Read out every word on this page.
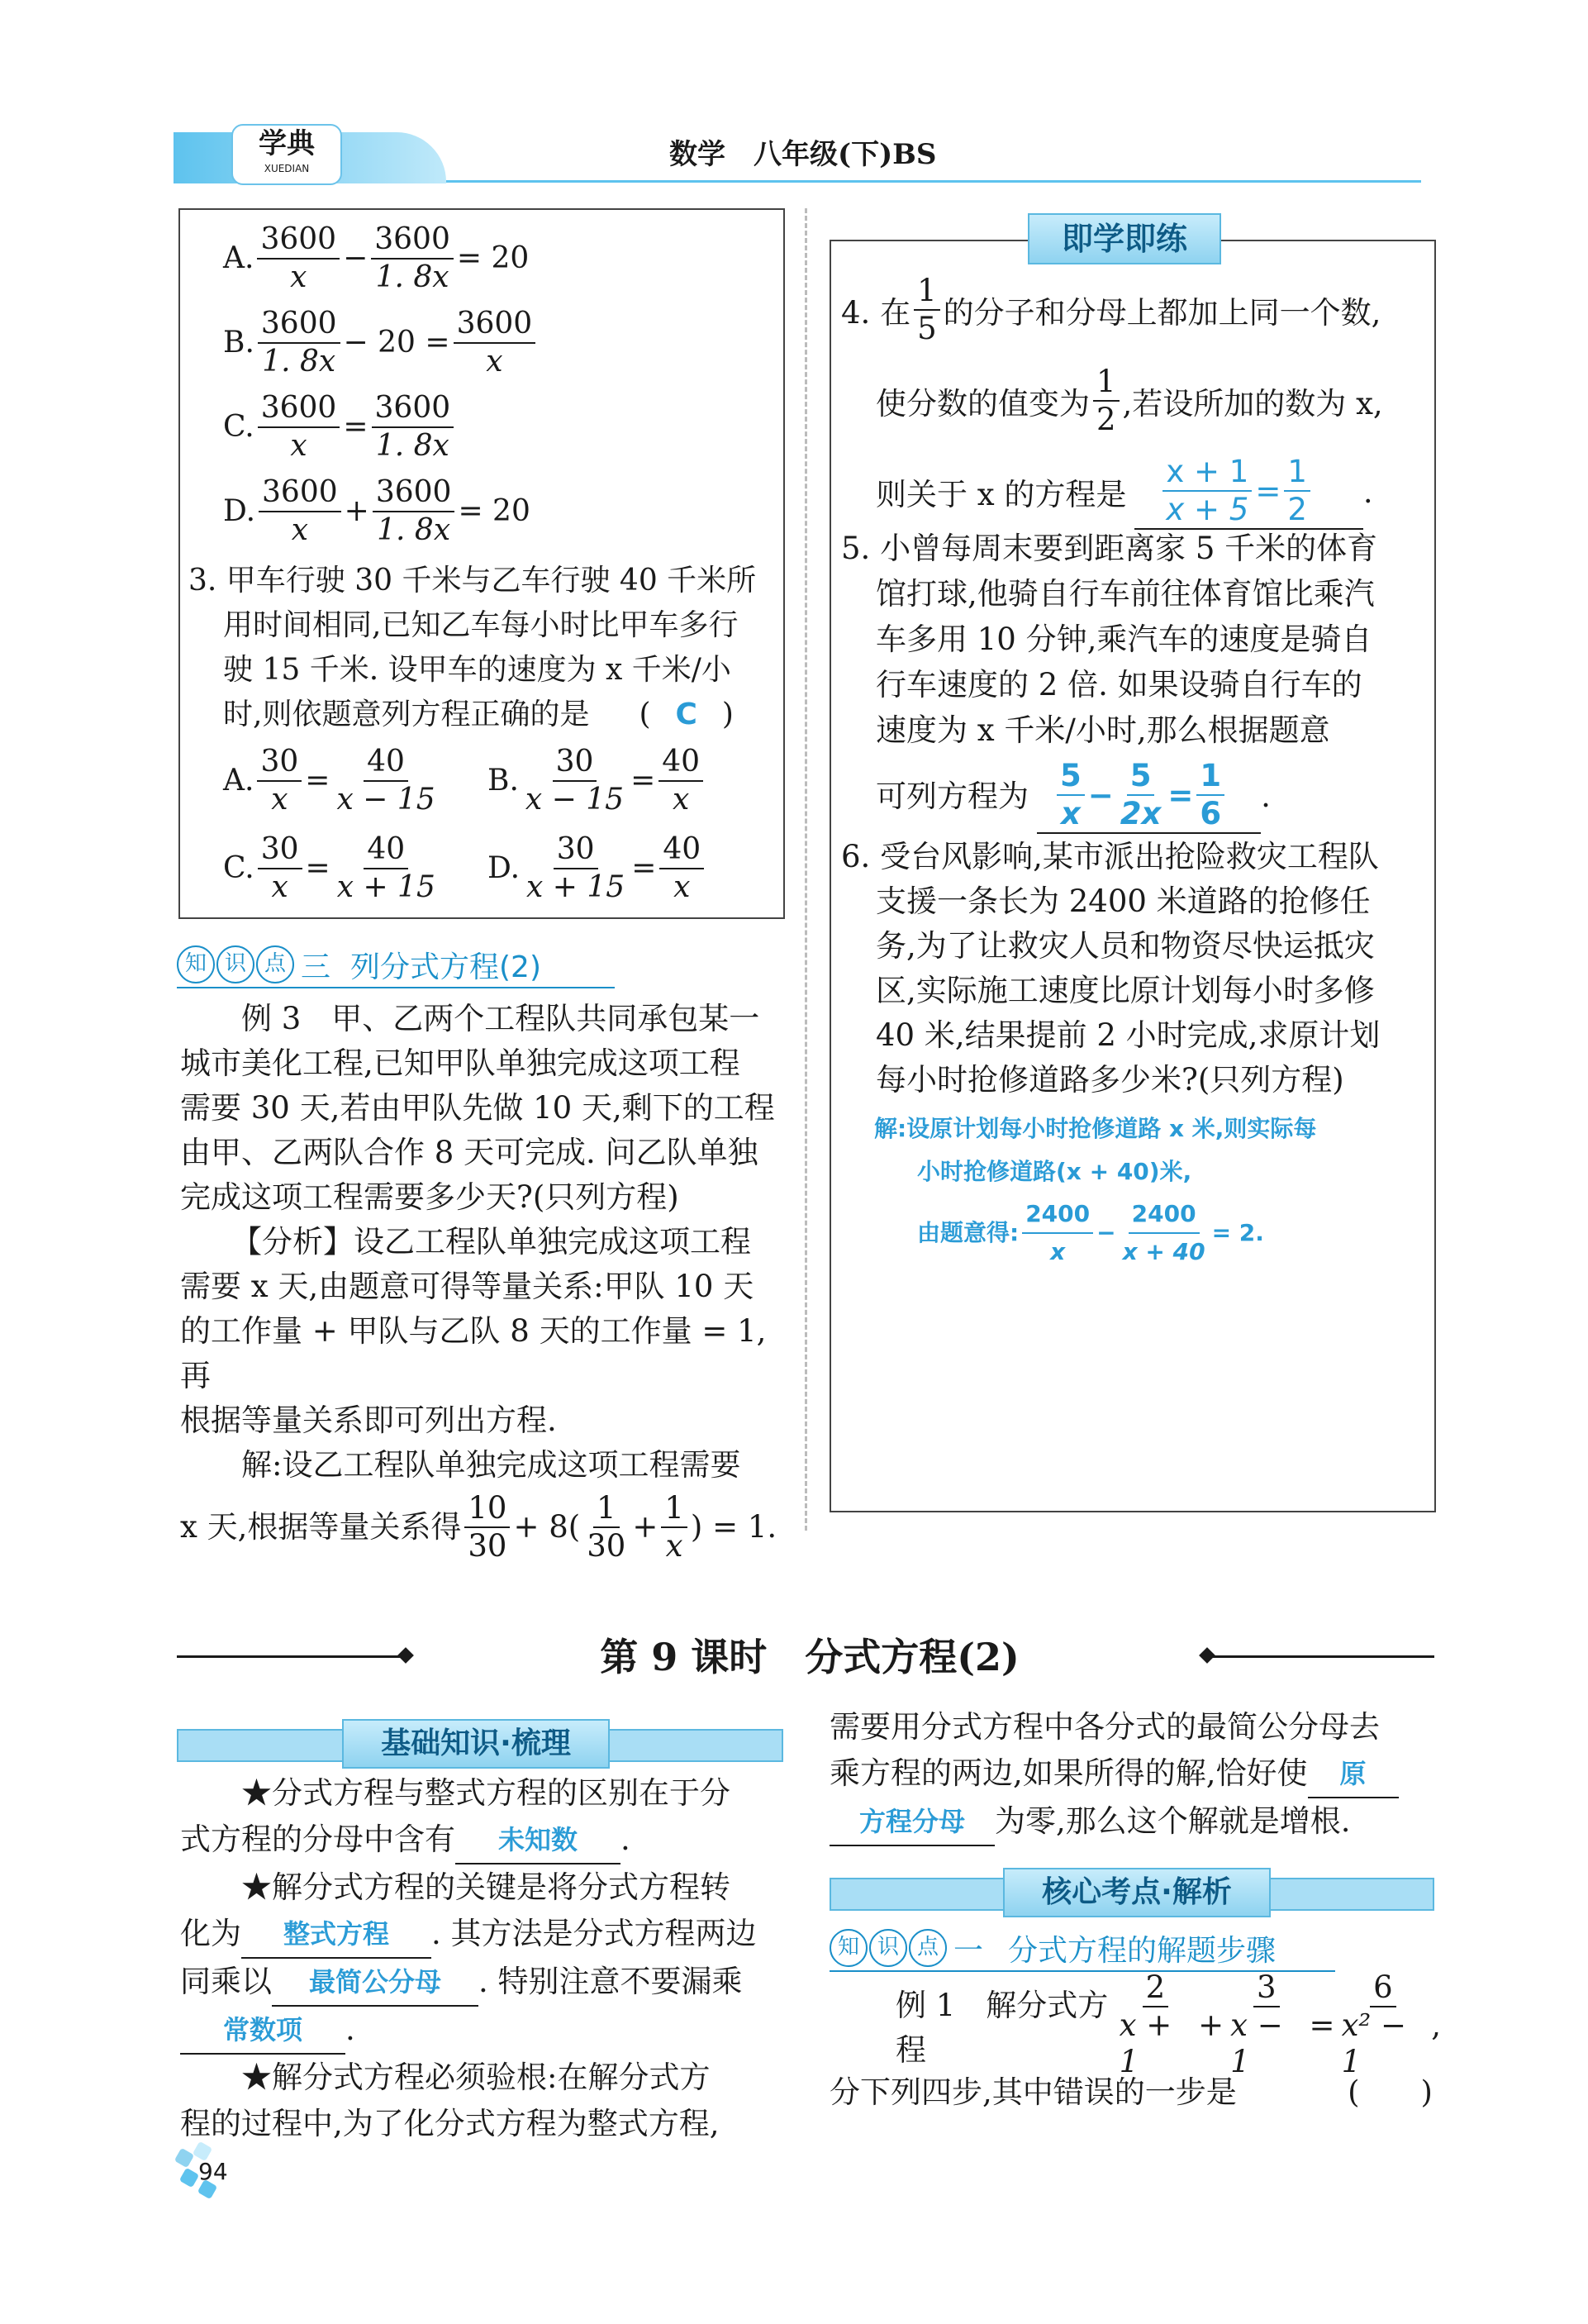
学典
XUEDIAN	数学　八年级(下)BS
A. $\frac{3600}{x} - \frac{3600}{1. 8x} = 20$
B. $\frac{3600}{1. 8x} - 20 = \frac{3600}{x}$
C. $\frac{3600}{x} = \frac{3600}{1. 8x}$
D. $\frac{3600}{x} + \frac{3600}{1. 8x} = 20$
3. 甲车行驶 30 千米与乙车行驶 40 千米所
用时间相同,已知乙车每小时比甲车多行
驶 15 千米. 设甲车的速度为 x 千米/小
时,则依题意列方程正确的是 ( C )
A. $\frac{30}{x} = \frac{40}{x - 15} B$. $\frac{30}{x - 15} = \frac{40}{x}$
C. $\frac{30}{x} = \frac{40}{x + 15} D$. $\frac{30}{x + 15} = \frac{40}{x}$
知 识 点 三 列分式方程(2)
例 3　甲、乙两个工程队共同承包某一
城市美化工程,已知甲队单独完成这项工程
需要 30 天,若由甲队先做 10 天,剩下的工程
由甲、乙两队合作 8 天可完成. 问乙队单独
完成这项工程需要多少天?(只列方程)
【分析】设乙工程队单独完成这项工程
需要 x 天,由题意可得等量关系:甲队 10 天
的工作量 + 甲队与乙队 8 天的工作量 = 1,再
根据等量关系即可列出方程.
解:设乙工程队单独完成这项工程需要
x 天,根据等量关系得 $\frac{10}{30} + 8( \frac{1}{30} + \frac{1}{x}$ ) = 1.
即学即练
4. 在 $\frac{1}{5}$ 的分子和分母上都加上同一个数,
使分数的值变为 $\frac{1}{2}$ ,若设所加的数为 x,
则关于 x 的方程是 $\frac{x + 1}{x + 5} = \frac{1}{2}$ .
5. 小曾每周末要到距离家 5 千米的体育
馆打球,他骑自行车前往体育馆比乘汽
车多用 10 分钟,乘汽车的速度是骑自
行车速度的 2 倍. 如果设骑自行车的
速度为 x 千米/小时,那么根据题意
可列方程为 $\frac{5}{x} - \frac{5}{2x} = \frac{1}{6}$ .
6. 受台风影响,某市派出抢险救灾工程队
支援一条长为 2400 米道路的抢修任
务,为了让救灾人员和物资尽快运抵灾
区,实际施工速度比原计划每小时多修
40 米,结果提前 2 小时完成,求原计划
每小时抢修道路多少米?(只列方程)
解:设原计划每小时抢修道路 x 米,则实际每
小时抢修道路(x + 40)米,
由题意得: $\frac{2400}{x} - \frac{2400}{x + 40} = 2$.
第 9 课时　分式方程(2)
基础知识·梳理
★分式方程与整式方程的区别在于分
式方程的分母中含有	未知数	.
★解分式方程的关键是将分式方程转
化为	整式方程	. 其方法是分式方程两边
同乘以	最简公分母	. 特别注意不要漏乘
常数项	.
★解分式方程必须验根:在解分式方
程的过程中,为了化分式方程为整式方程,
需要用分式方程中各分式的最简公分母去
乘方程的两边,如果所得的解,恰好使	原
方程分母 为零,那么这个解就是增根.
核心考点·解析
知 识 点 一 分式方程的解题步骤
例 1　解分式方程	$\frac{2}{x + 1} + \frac{3}{x - 1} = \frac{6}{\text{x² − 1}}$ ,
分下列四步,其中错误的一步是	(　　)
94
